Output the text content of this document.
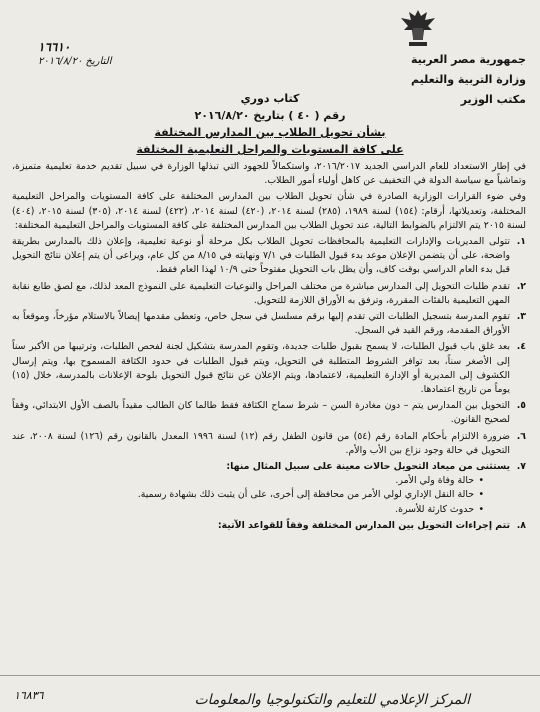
جمهورية مصر العربية
وزارة التربية والتعليم
مكتب الوزير
١٦٦١٠
التاريخ ٢٠١٦/٨/٢٠
كتاب دوري
رقم ( ٤٠ ) بتاريخ ٢٠١٦/٨/٢٠
بشأن تحويل الطلاب بين المدارس المختلفة
على كافة المستويات والمراحل التعليمية المختلفة

في إطار الاستعداد للعام الدراسي الجديد ٢٠١٦/٢٠١٧، واستكمالاً للجهود التي تبذلها الوزارة في سبيل تقديم خدمة تعليمية متميزة، وتماشياً مع سياسة الدولة في التخفيف عن كاهل أولياء أمور الطلاب.

وفي ضوء القرارات الوزارية الصادرة في شأن تحويل الطلاب بين المدارس المختلفة على كافة المستويات والمراحل التعليمية المختلفة، وتعديلاتها، أرقام: (١٥٤) لسنة ١٩٨٩، (٢٨٥) لسنة ٢٠١٤، (٤٢٠) لسنة ٢٠١٤، (٤٢٢) لسنة ٢٠١٤، (٣٠٥) لسنة ٢٠١٥، (٤٠٤) لسنة ٢٠١٥ يتم الالتزام بالضوابط التالية، عند تحويل الطلاب بين المدارس المختلفة على كافة المستويات والمراحل التعليمية المختلفة:

١.
تتولى المديريات والإدارات التعليمية بالمحافظات تحويل الطلاب بكل مرحلة أو نوعية تعليمية، وإعلان ذلك بالمدارس بطريقة واضحة، على أن يتضمن الإعلان موعد بدء قبول الطلبات في ٧/١ ونهايته في ٨/١٥ من كل عام، ويراعى أن يتم إعلان نتائج التحويل قبل بدء العام الدراسي بوقت كاف، وأن يظل باب التحويل مفتوحاً حتى ١٠/٩ لهذا العام فقط.
٢.
تقدم طلبات التحويل إلى المدارس مباشرة من مختلف المراحل والنوعيات التعليمية على النموذج المعد لذلك، مع لصق طابع نقابة المهن التعليمية بالفئات المقررة، وترفق به الأوراق اللازمة للتحويل.
٣.
تقوم المدرسة بتسجيل الطلبات التي تقدم إليها برقم مسلسل في سجل خاص، وتعطى مقدمها إيصالاً بالاستلام مؤرخاً، وموقعاً به الأوراق المقدمة، ورقم القيد في السجل.
٤.
بعد غلق باب قبول الطلبات، لا يسمح بقبول طلبات جديدة، وتقوم المدرسة بتشكيل لجنة لفحص الطلبات، وترتيبها من الأكبر سناً إلى الأصغر سناً، بعد توافر الشروط المتطلبة في التحويل، ويتم قبول الطلبات في حدود الكثافة المسموح بها، ويتم إرسال الكشوف إلى المديرية أو الإدارة التعليمية، لاعتمادها، ويتم الإعلان عن نتائج قبول التحويل بلوحة الإعلانات بالمدرسة، خلال (١٥) يوماً من تاريخ اعتمادها.
٥.
التحويل بين المدارس يتم – دون مغادرة السن – شرط سماح الكثافة فقط طالما كان الطالب مقيداً بالصف الأول الابتدائي، وفقاً لصحيح القانون.
٦.
ضرورة الالتزام بأحكام المادة رقم (٥٤) من قانون الطفل رقم (١٢) لسنة ١٩٩٦ المعدل بالقانون رقم (١٢٦) لسنة ٢٠٠٨، عند التحويل في حالة وجود نزاع بين الأب والأم.
٧.
يستثنى من ميعاد التحويل حالات معينة على سبيل المثال منها:
• حالة وفاة ولي الأمر.
• حالة النقل الإداري لولي الأمر من محافظة إلى أخرى، على أن يثبت ذلك بشهادة رسمية.
• حدوث كارثة للأسرة.
٨.
تتم إجراءات التحويل بين المدارس المختلفة وفقاً للقواعد الآتية:
المركز الإعلامي للتعليم والتكنولوجيا والمعلومات
١٦٨٣٦
